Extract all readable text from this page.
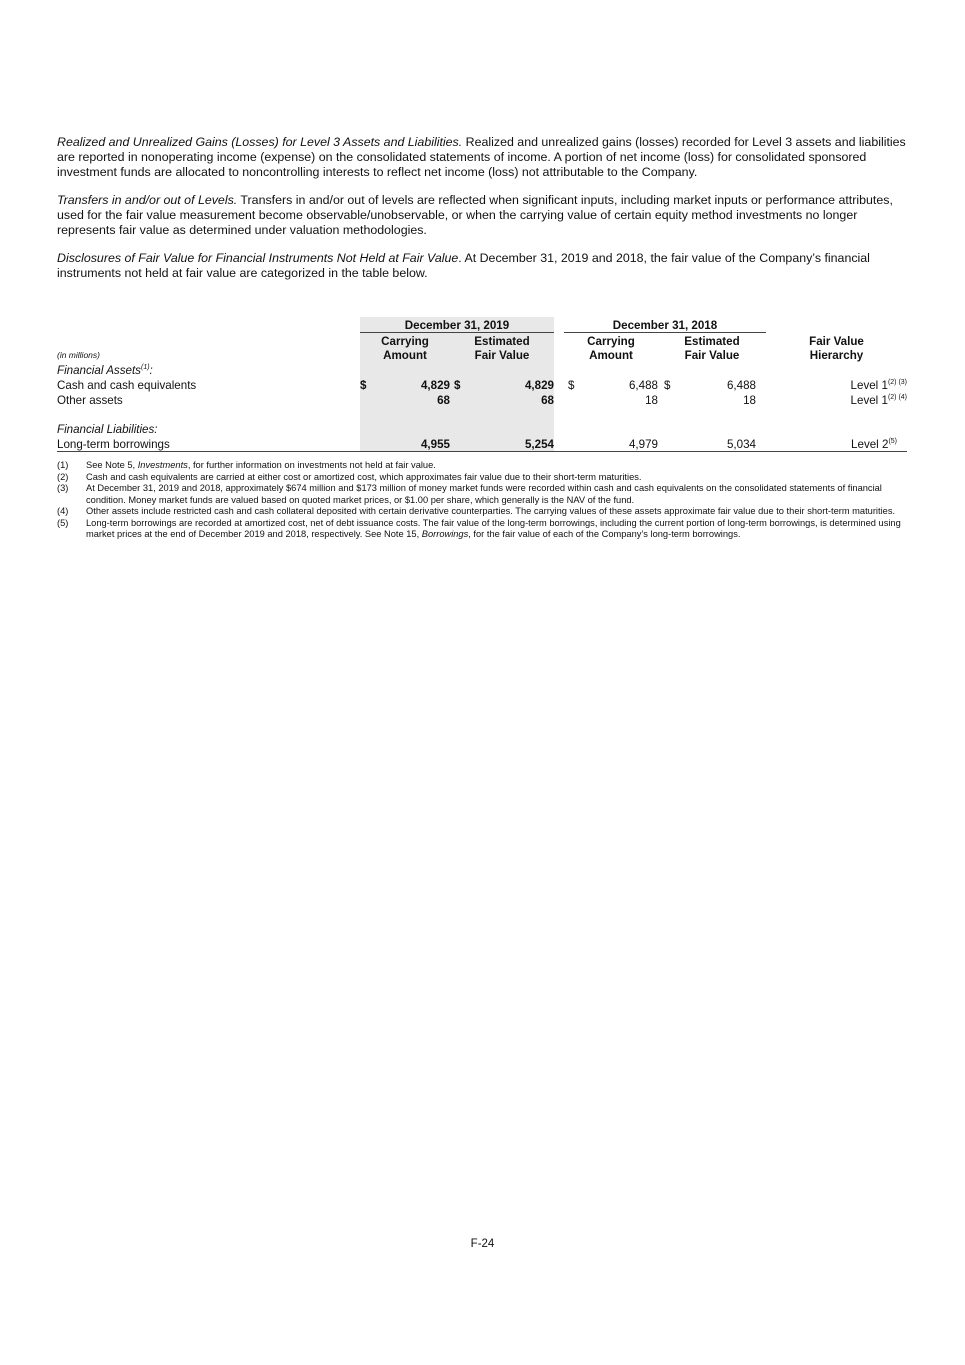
Realized and Unrealized Gains (Losses) for Level 3 Assets and Liabilities. Realized and unrealized gains (losses) recorded for Level 3 assets and liabilities are reported in nonoperating income (expense) on the consolidated statements of income. A portion of net income (loss) for consolidated sponsored investment funds are allocated to noncontrolling interests to reflect net income (loss) not attributable to the Company.

Transfers in and/or out of Levels. Transfers in and/or out of levels are reflected when significant inputs, including market inputs or performance attributes, used for the fair value measurement become observable/unobservable, or when the carrying value of certain equity method investments no longer represents fair value as determined under valuation methodologies.

Disclosures of Fair Value for Financial Instruments Not Held at Fair Value. At December 31, 2019 and 2018, the fair value of the Company’s financial instruments not held at fair value are categorized in the table below.

	December 31, 2019					December 31, 2018				
	Carrying		Estimated			Carrying		Estimated		Fair Value
(in millions)	Amount		Fair Value			Amount		Fair Value		Hierarchy
Financial Assets$^{(1)}$:										
Cash and cash equivalents	$	4,829	$	4,829		$	6,488	$	6,488	Level $1^{(2) (3)}$
Other assets		68		68			18		18	Level $1^{(2) (4)}$

Financial Liabilities:										
Long-term borrowings		4,955		5,254			4,979		5,034	Level 2$^{(5)}$
(1)	See Note 5, Investments, for further information on investments not held at fair value.
(2)	Cash and cash equivalents are carried at either cost or amortized cost, which approximates fair value due to their short-term maturities.
(3)	At December 31, 2019 and 2018, approximately $674 million and $173 million of money market funds were recorded within cash and cash equivalents on the consolidated statements of financial condition. Money market funds are valued based on quoted market prices, or $1.00 per share, which generally is the NAV of the fund.
(4)	Other assets include restricted cash and cash collateral deposited with certain derivative counterparties. The carrying values of these assets approximate fair value due to their short-term maturities.
(5)	Long-term borrowings are recorded at amortized cost, net of debt issuance costs. The fair value of the long-term borrowings, including the current portion of long-term borrowings, is determined using market prices at the end of December 2019 and 2018, respectively. See Note 15, Borrowings, for the fair value of each of the Company’s long-term borrowings.
F-24
